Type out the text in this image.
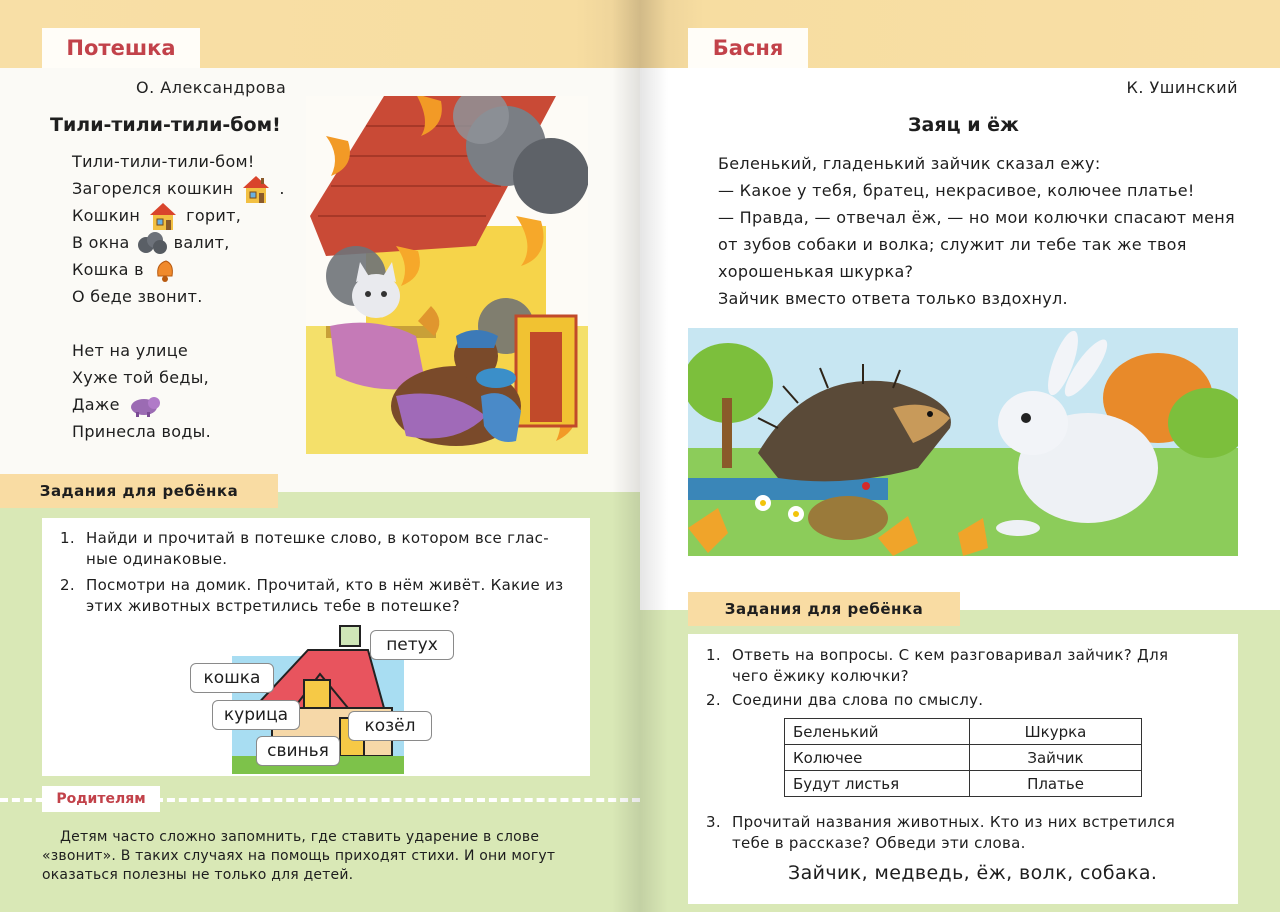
Потешка
О. Александрова
Тили-тили-тили-бом!
Тили-тили-тили-бом!
Загорелся кошкин	.
Кошкин	горит,
В окна	валит,
Кошка в
О беде звонит.
Нет на улице
Хуже той беды,
Даже
Принесла воды.
Задания для ребёнка
1. Найди и прочитай в потешке слово, в котором все глас-ные одинаковые.
2. Посмотри на домик. Прочитай, кто в нём живёт. Какие из этих животных встретились тебе в потешке?
петух
кошка
курица
козёл
свинья
Родителям

Детям часто сложно запомнить, где ставить ударение в слове «звонит». В таких случаях на помощь приходят стихи. И они могут оказаться полезны не только для детей.

Басня
К. Ушинский
Заяц и ёж

Беленький, гладенький зайчик сказал ежу:

— Какое у тебя, братец, некрасивое, колючее платье!

— Правда, — отвечал ёж, — но мои колючки спасают меня от зубов собаки и волка; служит ли тебе так же твоя хорошенькая шкурка?

Зайчик вместо ответа только вздохнул.

Задания для ребёнка
1. Ответь на вопросы. С кем разговаривал зайчик? Для чего ёжику колючки?
2. Соедини два слова по смыслу.
Беленький	Шкурка
Колючее	Зайчик
Будут листья	Платье
3. Прочитай названия животных. Кто из них встретился тебе в рассказе? Обведи эти слова.
Зайчик, медведь, ёж, волк, собака.
